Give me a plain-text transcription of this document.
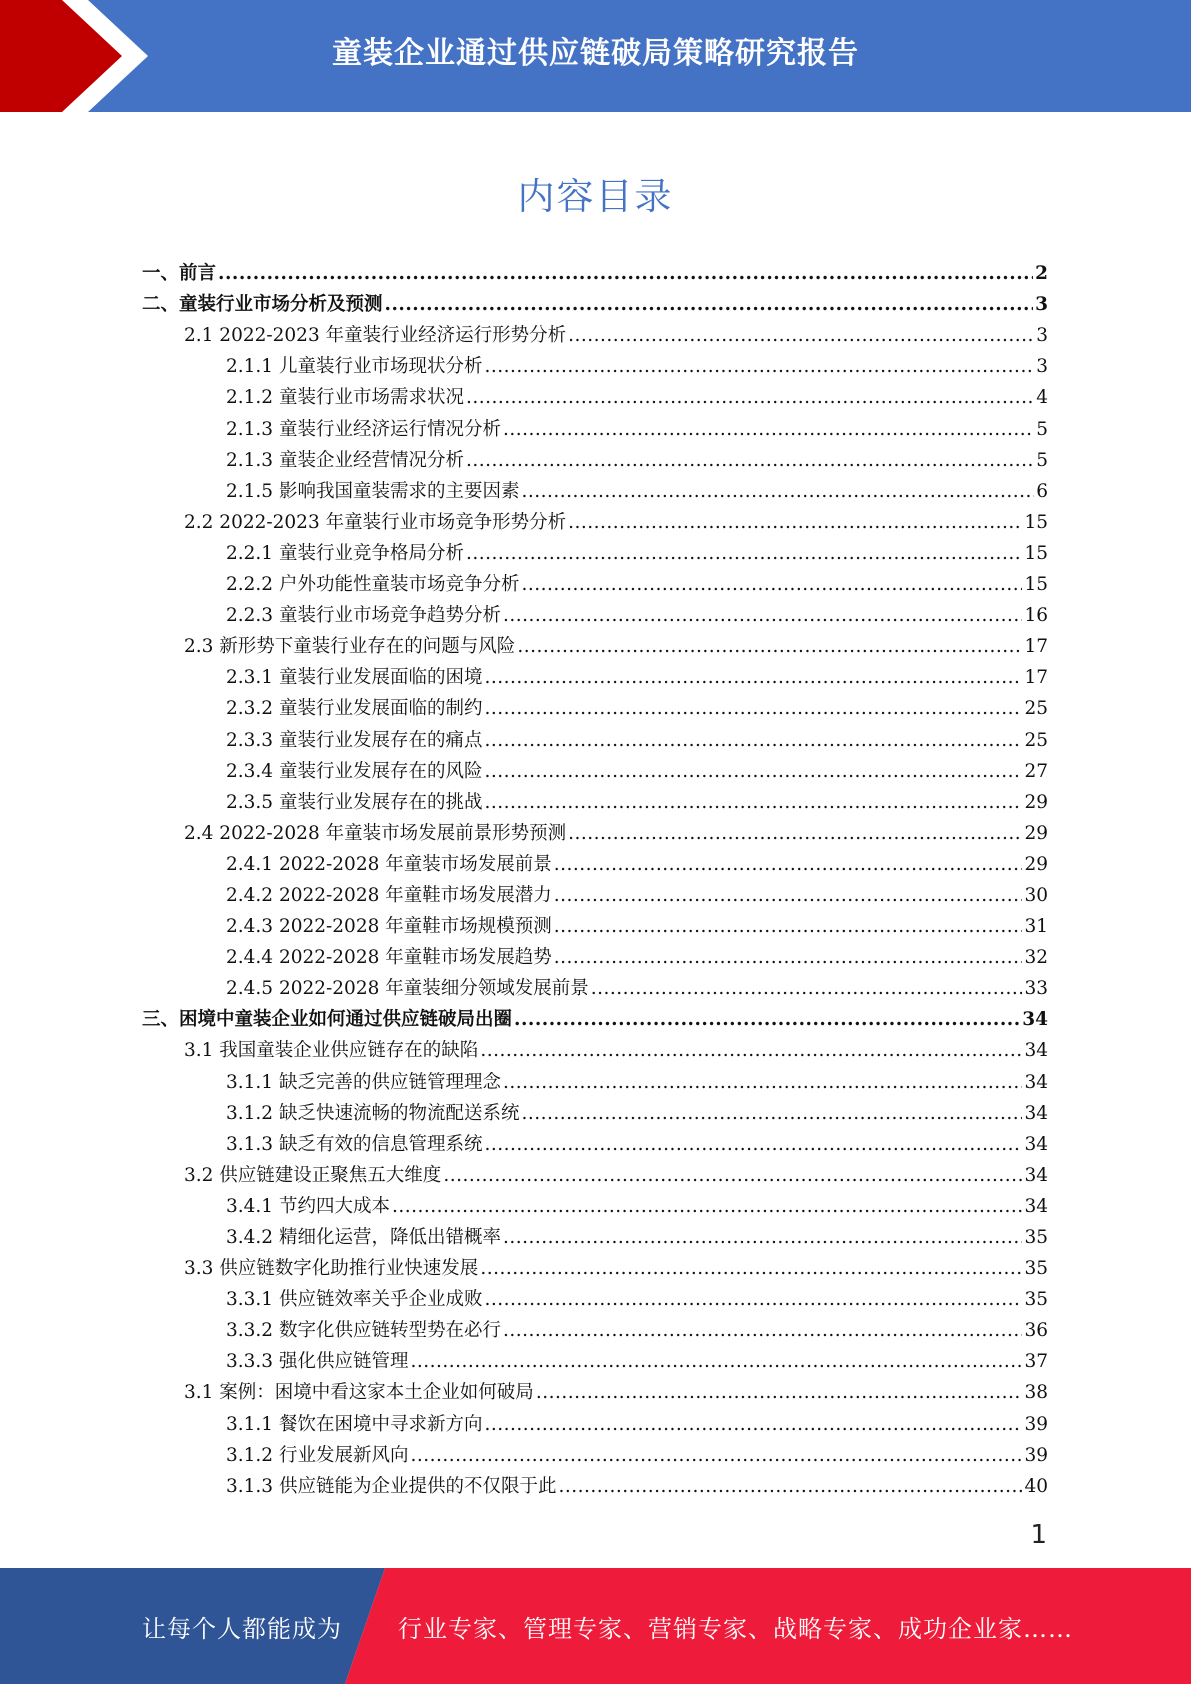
童装企业通过供应链破局策略研究报告
内容目录
一、前言 .....	2
二、童装行业市场分析及预测 .....	3
2.1 2022-2023 年童装行业经济运行形势分析 .....	3
2.1.1 儿童装行业市场现状分析 .....	3
2.1.2 童装行业市场需求状况 .....	4
2.1.3 童装行业经济运行情况分析 .....	5
2.1.3 童装企业经营情况分析 .....	5
2.1.5 影响我国童装需求的主要因素 .....	6
2.2 2022-2023 年童装行业市场竞争形势分析 .....	15
2.2.1 童装行业竞争格局分析 .....	15
2.2.2 户外功能性童装市场竞争分析 .....	15
2.2.3 童装行业市场竞争趋势分析 .....	16
2.3 新形势下童装行业存在的问题与风险 .....	17
2.3.1 童装行业发展面临的困境 .....	17
2.3.2 童装行业发展面临的制约 .....	25
2.3.3 童装行业发展存在的痛点 .....	25
2.3.4 童装行业发展存在的风险 .....	27
2.3.5 童装行业发展存在的挑战 .....	29
2.4 2022-2028 年童装市场发展前景形势预测 .....	29
2.4.1 2022-2028 年童装市场发展前景 .....	29
2.4.2 2022-2028 年童鞋市场发展潜力 .....	30
2.4.3 2022-2028 年童鞋市场规模预测 .....	31
2.4.4 2022-2028 年童鞋市场发展趋势 .....	32
2.4.5 2022-2028 年童装细分领域发展前景 .....	33
三、困境中童装企业如何通过供应链破局出圈 .....	34
3.1 我国童装企业供应链存在的缺陷 .....	34
3.1.1 缺乏完善的供应链管理理念 .....	34
3.1.2 缺乏快速流畅的物流配送系统 .....	34
3.1.3 缺乏有效的信息管理系统 .....	34
3.2 供应链建设正聚焦五大维度 .....	34
3.4.1 节约四大成本 .....	34
3.4.2 精细化运营，降低出错概率 .....	35
3.3 供应链数字化助推行业快速发展 .....	35
3.3.1 供应链效率关乎企业成败 .....	35
3.3.2 数字化供应链转型势在必行 .....	36
3.3.3 强化供应链管理 .....	37
3.1 案例：困境中看这家本土企业如何破局 .....	38
3.1.1 餐饮在困境中寻求新方向 .....	39
3.1.2 行业发展新风向 .....	39
3.1.3 供应链能为企业提供的不仅限于此 .....	40
1
让每个人都能成为 行业专家、管理专家、营销专家、战略专家、成功企业家……
